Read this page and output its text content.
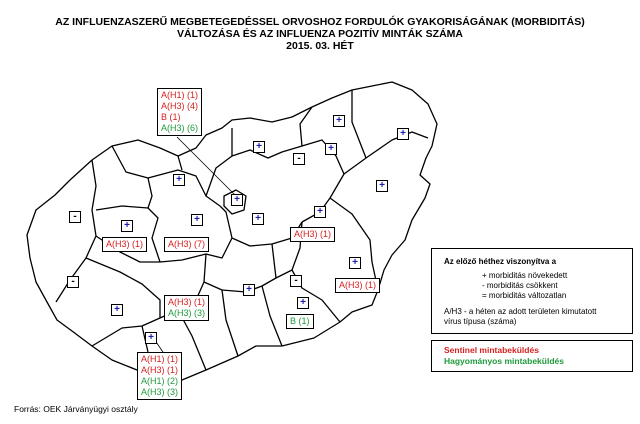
AZ INFLUENZASZERŰ MEGBETEGEDÉSSEL ORVOSHOZ FORDULÓK GYAKORISÁGÁNAK (MORBIDITÁS)
VÁLTOZÁSA ÉS AZ INFLUENZA POZITÍV MINTÁK SZÁMA
2015. 03. HÉT
+
+
+	+
-
+
+
-
+
+	+
+
+
+
+
+
+
-	-
+
A(H1) (1)
A(H3) (4)
B (1)
A(H3) (6)
A(H3) (1)	A(H3) (7)
A(H3) (1)
A(H3) (1)
A(H3) (1)
A(H3) (3)
B (1)
A(H1) (1)
A(H3) (1)
A(H1) (2)
A(H3) (3)
Az előző héthez viszonyítva a
+ morbiditás növekedett
- morbiditás csökkent
= morbiditás változatlan
A/H3 - a héten az adott területen kimutatott
vírus típusa (száma)
Sentinel mintabeküldés
Hagyományos mintabeküldés
Forrás: OEK Járványügyi osztály
